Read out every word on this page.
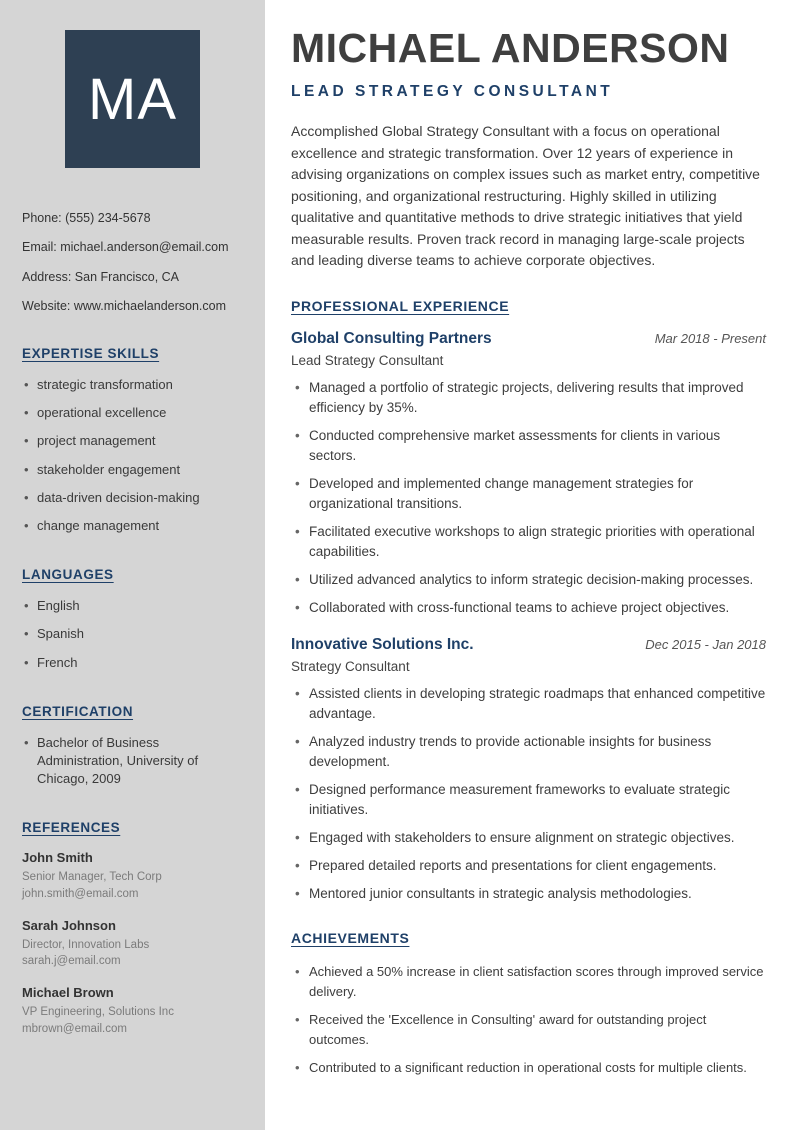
MA
Phone: (555) 234-5678
Email: michael.anderson@email.com
Address: San Francisco, CA
Website: www.michaelanderson.com
EXPERTISE SKILLS
• strategic transformation
• operational excellence
• project management
• stakeholder engagement
• data-driven decision-making
• change management
LANGUAGES
• English
• Spanish
• French
CERTIFICATION
• Bachelor of Business Administration, University of Chicago, 2009
REFERENCES
John Smith
Senior Manager, Tech Corp
john.smith@email.com
Sarah Johnson
Director, Innovation Labs
sarah.j@email.com
Michael Brown
VP Engineering, Solutions Inc
mbrown@email.com
MICHAEL ANDERSON
LEAD STRATEGY CONSULTANT

Accomplished Global Strategy Consultant with a focus on operational excellence and strategic transformation. Over 12 years of experience in advising organizations on complex issues such as market entry, competitive positioning, and organizational restructuring. Highly skilled in utilizing qualitative and quantitative methods to drive strategic initiatives that yield measurable results. Proven track record in managing large-scale projects and leading diverse teams to achieve corporate objectives.

PROFESSIONAL EXPERIENCE
Global Consulting Partners	Mar 2018 - Present
Lead Strategy Consultant
• Managed a portfolio of strategic projects, delivering results that improved efficiency by 35%.
• Conducted comprehensive market assessments for clients in various sectors.
• Developed and implemented change management strategies for organizational transitions.
• Facilitated executive workshops to align strategic priorities with operational capabilities.
• Utilized advanced analytics to inform strategic decision-making processes.
• Collaborated with cross-functional teams to achieve project objectives.
Innovative Solutions Inc.	Dec 2015 - Jan 2018
Strategy Consultant
• Assisted clients in developing strategic roadmaps that enhanced competitive advantage.
• Analyzed industry trends to provide actionable insights for business development.
• Designed performance measurement frameworks to evaluate strategic initiatives.
• Engaged with stakeholders to ensure alignment on strategic objectives.
• Prepared detailed reports and presentations for client engagements.
• Mentored junior consultants in strategic analysis methodologies.
ACHIEVEMENTS
• Achieved a 50% increase in client satisfaction scores through improved service delivery.
• Received the 'Excellence in Consulting' award for outstanding project outcomes.
• Contributed to a significant reduction in operational costs for multiple clients.
